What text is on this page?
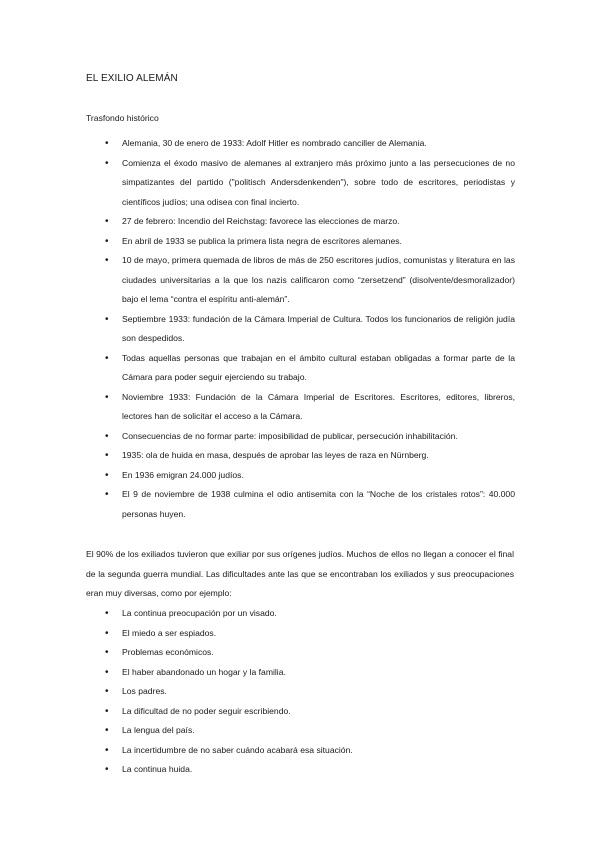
EL EXILIO ALEMÁN
Trasfondo histórico
• Alemania, 30 de enero de 1933: Adolf Hitler es nombrado canciller de Alemania.
• Comienza el éxodo masivo de alemanes al extranjero más próximo junto a las persecuciones de no simpatizantes del partido ("politisch Andersdenkenden"), sobre todo de escritores, periodistas y científicos judíos; una odisea con final incierto.
• 27 de febrero: Incendio del Reichstag: favorece las elecciones de marzo.
• En abril de 1933 se publica la primera lista negra de escritores alemanes.
• 10 de mayo, primera quemada de libros de más de 250 escritores judíos, comunistas y literatura en las ciudades universitarias a la que los nazis calificaron como “zersetzend” (disolvente/desmoralizador) bajo el lema “contra el espíritu anti-alemán”.
• Septiembre 1933: fundación de la Cámara Imperial de Cultura. Todos los funcionarios de religión judía son despedidos.
• Todas aquellas personas que trabajan en el ámbito cultural estaban obligadas a formar parte de la Cámara para poder seguir ejerciendo su trabajo.
• Noviembre 1933: Fundación de la Cámara Imperial de Escritores. Escritores, editores, libreros, lectores han de solicitar el acceso a la Cámara.
• Consecuencias de no formar parte: imposibilidad de publicar, persecución inhabilitación.
• 1935: ola de huida en masa, después de aprobar las leyes de raza en Nürnberg.
• En 1936 emigran 24.000 judíos.
• El 9 de noviembre de 1938 culmina el odio antisemita con la “Noche de los cristales rotos”: 40.000 personas huyen.
El 90% de los exiliados tuvieron que exiliar por sus orígenes judíos. Muchos de ellos no llegan a conocer el final de la segunda guerra mundial. Las dificultades ante las que se encontraban los exiliados y sus preocupaciones eran muy diversas, como por ejemplo:
• La continua preocupación por un visado.
• El miedo a ser espiados.
• Problemas económicos.
• El haber abandonado un hogar y la familia.
• Los padres.
• La dificultad de no poder seguir escribiendo.
• La lengua del país.
• La incertidumbre de no saber cuándo acabará esa situación.
• La continua huida.
